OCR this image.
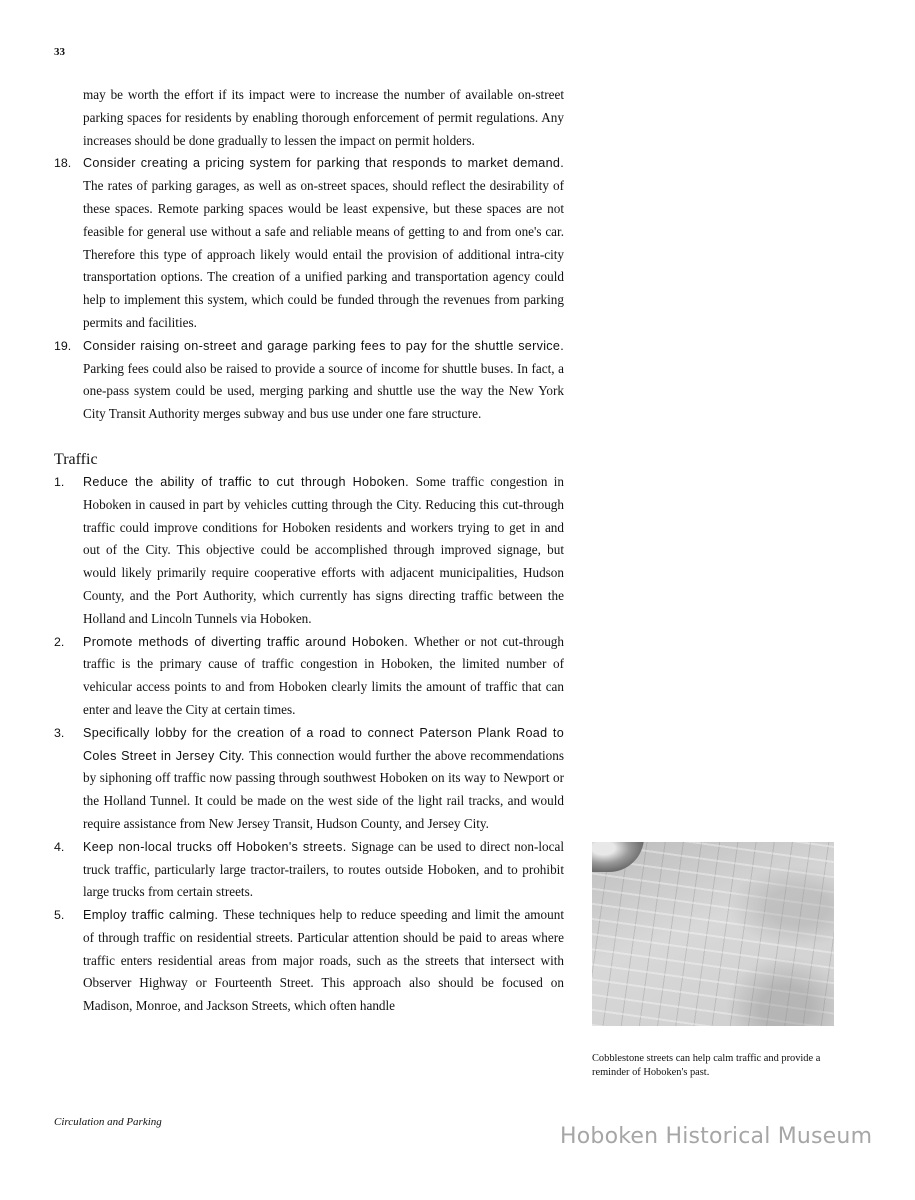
33

may be worth the effort if its impact were to increase the number of available on-street parking spaces for residents by enabling thorough enforcement of permit regulations. Any increases should be done gradually to lessen the impact on permit holders.

18. Consider creating a pricing system for parking that responds to market demand. The rates of parking garages, as well as on-street spaces, should reflect the desirability of these spaces. Remote parking spaces would be least expensive, but these spaces are not feasible for general use without a safe and reliable means of getting to and from one's car. Therefore this type of approach likely would entail the provision of additional intra-city transportation options. The creation of a unified parking and transportation agency could help to implement this system, which could be funded through the revenues from parking permits and facilities.
19. Consider raising on-street and garage parking fees to pay for the shuttle service. Parking fees could also be raised to provide a source of income for shuttle buses. In fact, a one-pass system could be used, merging parking and shuttle use the way the New York City Transit Authority merges subway and bus use under one fare structure.
Traffic
1. Reduce the ability of traffic to cut through Hoboken. Some traffic congestion in Hoboken in caused in part by vehicles cutting through the City. Reducing this cut-through traffic could improve conditions for Hoboken residents and workers trying to get in and out of the City. This objective could be accomplished through improved signage, but would likely primarily require cooperative efforts with adjacent municipalities, Hudson County, and the Port Authority, which currently has signs directing traffic between the Holland and Lincoln Tunnels via Hoboken.
2. Promote methods of diverting traffic around Hoboken. Whether or not cut-through traffic is the primary cause of traffic congestion in Hoboken, the limited number of vehicular access points to and from Hoboken clearly limits the amount of traffic that can enter and leave the City at certain times.
3. Specifically lobby for the creation of a road to connect Paterson Plank Road to Coles Street in Jersey City. This connection would further the above recommendations by siphoning off traffic now passing through southwest Hoboken on its way to Newport or the Holland Tunnel. It could be made on the west side of the light rail tracks, and would require assistance from New Jersey Transit, Hudson County, and Jersey City.
4. Keep non-local trucks off Hoboken's streets. Signage can be used to direct non-local truck traffic, particularly large tractor-trailers, to routes outside Hoboken, and to prohibit large trucks from certain streets.
5. Employ traffic calming. These techniques help to reduce speeding and limit the amount of through traffic on residential streets. Particular attention should be paid to areas where traffic enters residential areas from major roads, such as the streets that intersect with Observer Highway or Fourteenth Street. This approach also should be focused on Madison, Monroe, and Jackson Streets, which often handle
Cobblestone streets can help calm traffic and provide a reminder of Hoboken's past.
Circulation and Parking
Hoboken Historical Museum
